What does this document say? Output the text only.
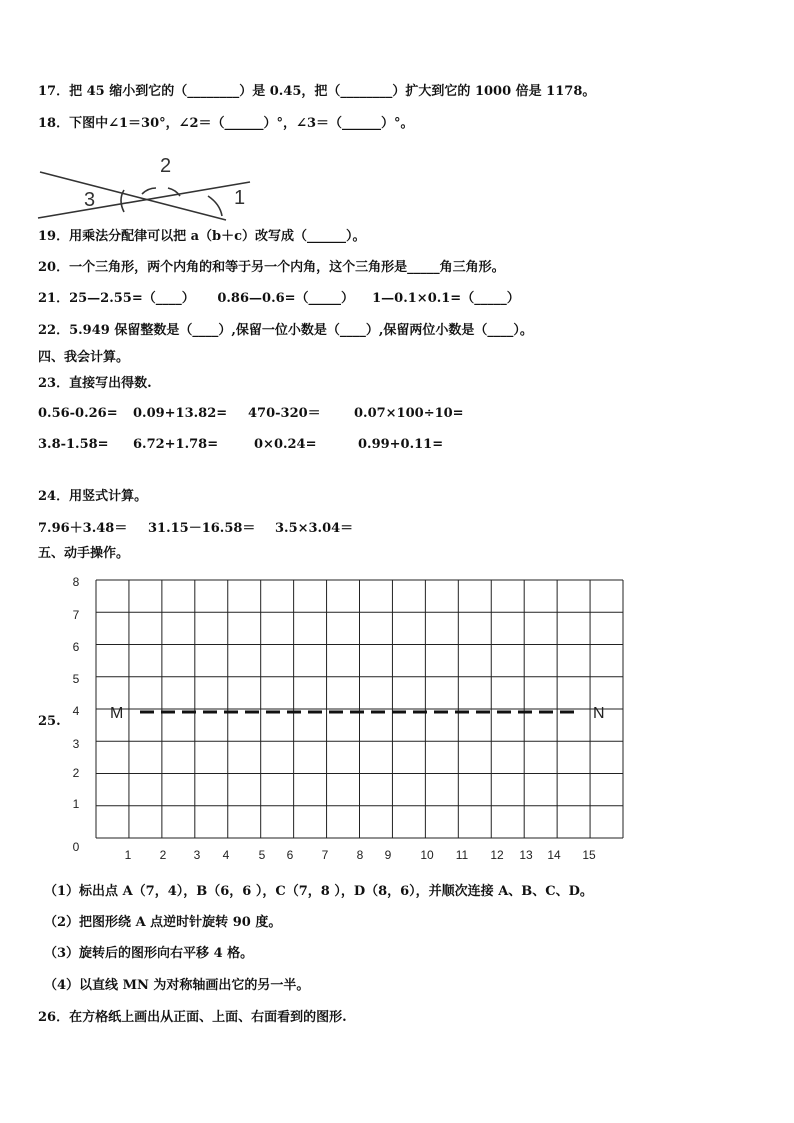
17．把 45 缩小到它的（________）是 0.45，把（________）扩大到它的 1000 倍是 1178。
18．下图中∠1＝30°，∠2＝（______）°，∠3＝（______）°。
2
3	1
19．用乘法分配律可以把 a（b＋c）改写成（______）。
20．一个三角形，两个内角的和等于另一个内角，这个三角形是_____角三角形。
21．25—2.55=（____）     0.86—0.6=（_____）    1—0.1×0.1=（_____）
22．5.949 保留整数是（____）,保留一位小数是（____）,保留两位小数是（____）。
四、我会计算。
23．直接写出得数.
0.56-0.26= 0.09+13.82= 470-320＝	0.07×100÷10=
3.8-1.58= 6.72+1.78=	0×0.24=	0.99+0.11=
24．用竖式计算。
7.96＋3.48＝ 31.15－16.58＝ 3.5×3.04＝
五、动手操作。
25.
1 2 3 4 5 6 7 8 9 10 11 12 13 14 15
0
1
2
3
4
5
6
7
8
M	N
（1）标出点 A（7，4），B（6，6 ），C（7，8 ），D（8，6），并顺次连接 A、B、C、D。
（2）把图形绕 A 点逆时针旋转 90 度。
（3）旋转后的图形向右平移 4 格。
（4）以直线 MN 为对称轴画出它的另一半。
26．在方格纸上画出从正面、上面、右面看到的图形.
